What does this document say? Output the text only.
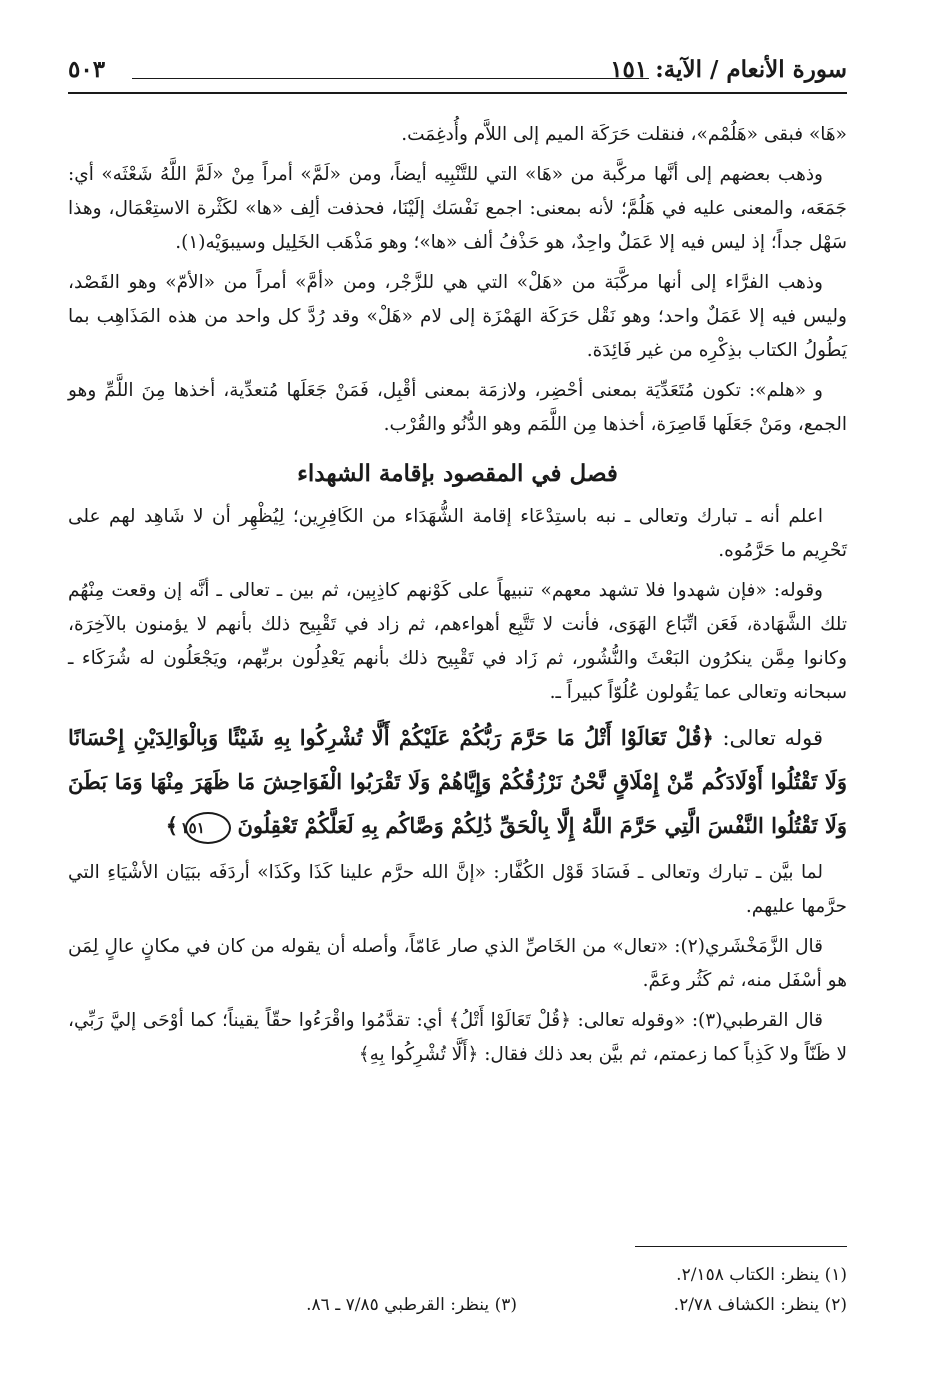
سورة الأنعام / الآية: ١٥١
٥٠٣

«هَا» فبقى «هَلُمْم»، فنقلت حَرَكَة الميم إلى اللاَّم وأُدغِمَت.

وذهب بعضهم إلى أنَّها مركَّبة من «هَا» التي للتَّنْبِيه أيضاً، ومن «لَمَّ» أمراً مِنْ «لَمَّ اللَّهُ شَعْثَه» أي: جَمَعَه، والمعنى عليه في هَلُمَّ؛ لأنه بمعنى: اجمع نَفْسَك إلَيْنَا، فحذفت ألِف «ها» لكَثْرة الاستِعْمَال، وهذا سَهْل جداً؛ إذ ليس فيه إلا عَمَلٌ واحِدٌ، هو حَذْفُ ألف «ها»؛ وهو مَذْهَب الخَلِيل وسيبوَيْه(١).

وذهب الفرَّاء إلى أنها مركَّبَة من «هَلْ» التي هي للزَّجْر، ومن «أمَّ» أمراً من «الأمّ» وهو القَصْد، وليس فيه إلا عَمَلٌ واحد؛ وهو نَقْل حَرَكَة الهَمْزَة إلى لام «هَلْ» وقد رُدَّ كل واحد من هذه المَذَاهِب بما يَطُولُ الكتاب بذِكْرِه من غير فَائِدَة.

و «هلم»: تكون مُتَعَدِّيَة بمعنى أحْضِر، ولازمَة بمعنى أقْبِل، فَمَنْ جَعَلَها مُتعدِّية، أخذها مِنَ اللَّمِّ وهو الجمع، ومَنْ جَعَلَها قَاصِرَة، أخذها مِن اللَّمَم وهو الدُّنُو والقُرْب.

فصل في المقصود بإقامة الشهداء

اعلم أنه ـ تبارك وتعالى ـ نبه باستِدْعَاء إقامة الشُّهَدَاء من الكَافِرِين؛ لِيُظْهِر أن لا شَاهِد لهم على تَحْرِيم ما حَرَّمُوه.

وقوله: «فإن شهدوا فلا تشهد معهم» تنبيهاً على كَوْنهم كاذِبِين، ثم بين ـ تعالى ـ أنَّه إن وقعت مِنْهُم تلك الشَّهَادة، فَعَن اتِّبَاع الهَوَى، فأنت لا تَتَّبِع أهواءهم، ثم زاد في تَقْبِيح ذلك بأنهم لا يؤمنون بالآخِرَة، وكانوا مِمَّن ينكرُون البَعْثَ والنُّشُور، ثم زَاد في تَقْبِيح ذلك بأنهم يَعْدِلُون بربِّهم، ويَجْعَلُون له شُرَكَاء ـ سبحانه وتعالى عما يَقُولون عُلُوّاً كبيراً ـ.

قوله تعالى: ﴿قُلْ تَعَالَوْا أَتْلُ مَا حَرَّمَ رَبُّكُمْ عَلَيْكُمْ أَلَّا تُشْرِكُوا بِهِ شَيْئًا وَبِالْوَالِدَيْنِ إِحْسَانًا وَلَا تَقْتُلُوا أَوْلَادَكُم مِّنْ إِمْلَاقٍ نَّحْنُ نَرْزُقُكُمْ وَإِيَّاهُمْ وَلَا تَقْرَبُوا الْفَوَاحِشَ مَا ظَهَرَ مِنْهَا وَمَا بَطَنَ وَلَا تَقْتُلُوا النَّفْسَ الَّتِي حَرَّمَ اللَّهُ إِلَّا بِالْحَقِّ ذَٰلِكُمْ وَصَّاكُم بِهِ لَعَلَّكُمْ تَعْقِلُونَ ١٥١ ﴾

لما بيَّن ـ تبارك وتعالى ـ فَسَادَ قَوْل الكُفَّار: «إنَّ الله حرَّم علينا كَذَا وكَذَا» أردَفَه ببَيَان الأشْيَاءِ التي حرَّمها عليهم.

قال الزَّمَخْشَري(٢): «تعال» من الخَاصِّ الذي صار عَامّاً، وأصله أن يقوله من كان في مكانٍ عالٍ لِمَن هو أسْفَل منه، ثم كَثُر وعَمَّ.

قال القرطبي(٣): «وقوله تعالى: ﴿قُلْ تَعَالَوْا أَتْلُ﴾ أي: تقدَّمُوا واقْرَءُوا حقّاً يقيناً؛ كما أوْحَى إليَّ رَبِّي، لا ظَنّاً ولا كَذِباً كما زعمتم، ثم بيَّن بعد ذلك فقال: ﴿أَلَّا تُشْرِكُوا بِهِ﴾

(١) ينظر: الكتاب ٢/١٥٨.
(٢) ينظر: الكشاف ٢/٧٨.
(٣) ينظر: القرطبي ٧/٨٥ ـ ٨٦.
